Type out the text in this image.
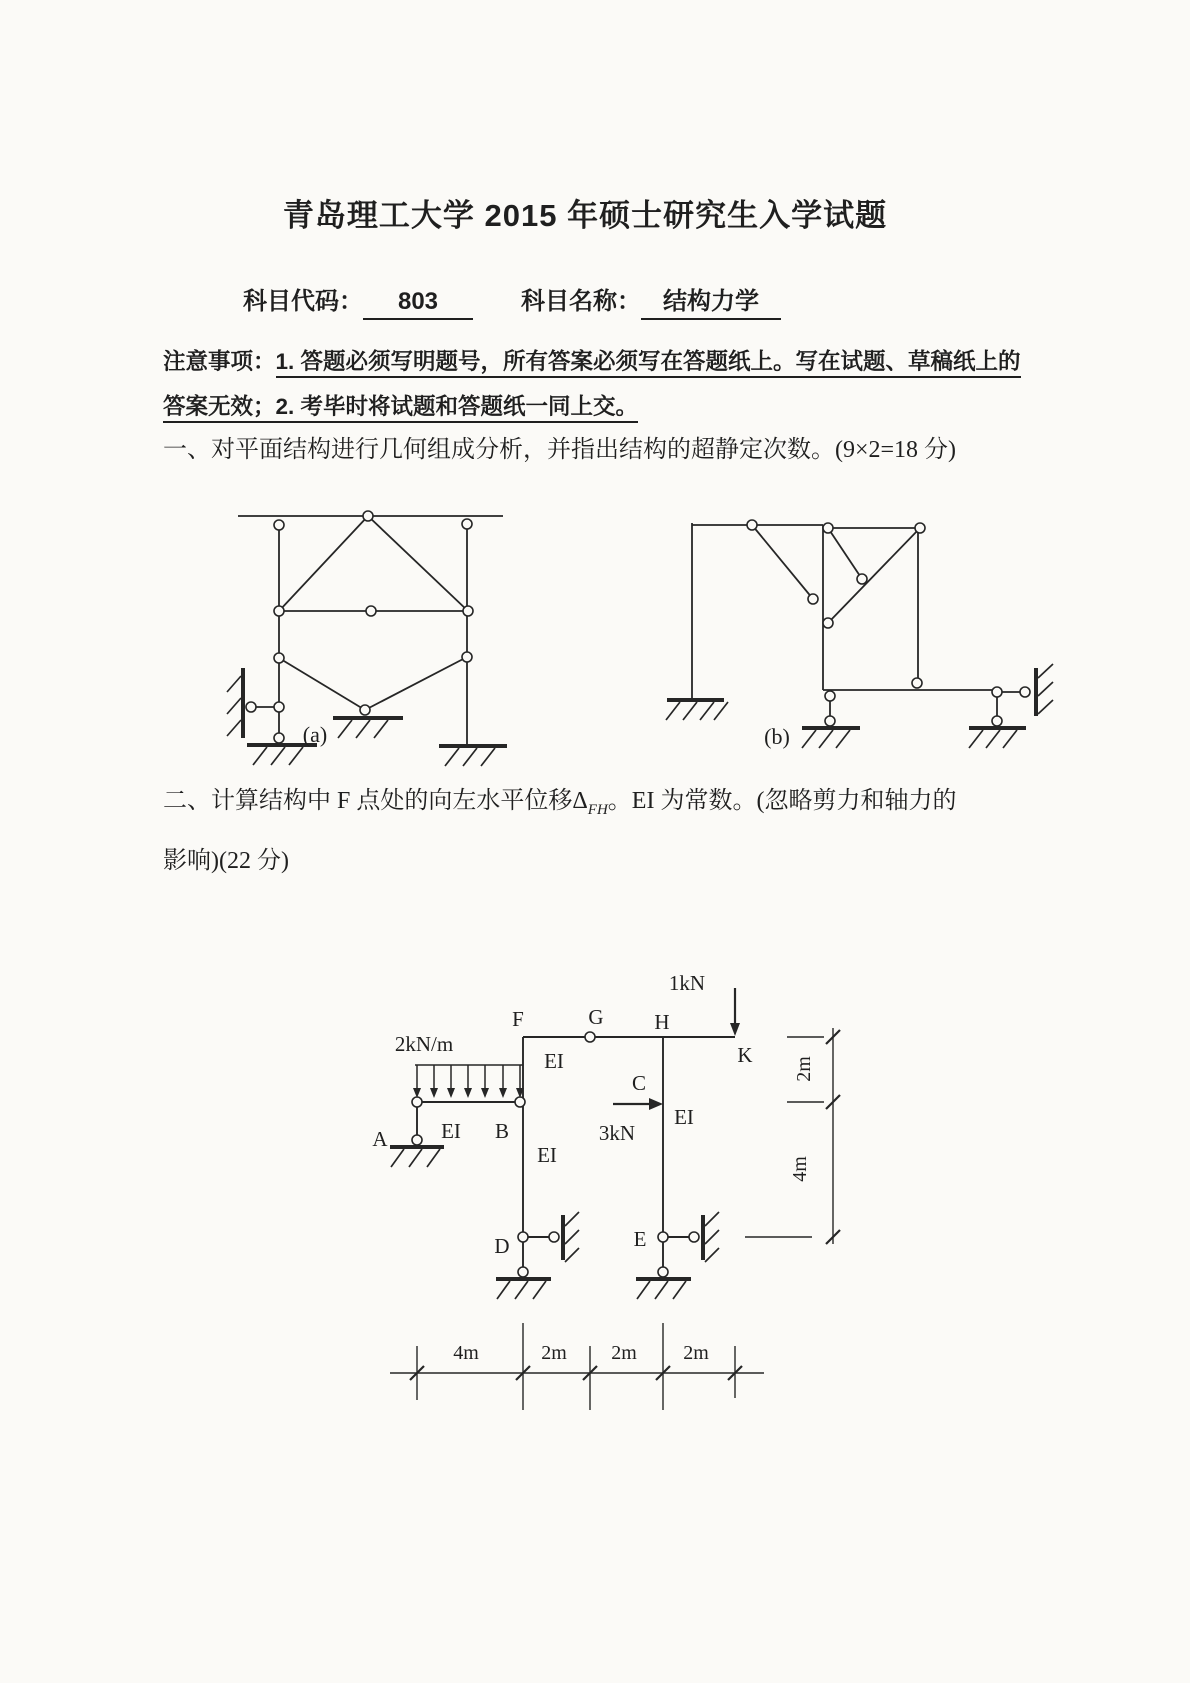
青岛理工大学 2015 年硕士研究生入学试题
科目代码： 803	科目名称： 结构力学
注意事项：1. 答题必须写明题号，所有答案必须写在答题纸上。写在试题、草稿纸上的
答案无效；2. 考毕时将试题和答题纸一同上交。
一、对平面结构进行几何组成分析，并指出结构的超静定次数。(9×2=18 分)
(a)	(b)
二、计算结构中 F 点处的向左水平位移$\Delta_{FH}$。EI 为常数。(忽略剪力和轴力的
影响)(22 分)
2m
4m
4m	2m 2m 2m
1kN
2kN/m
3kN
F	G H
K
A	B
C
D	E
EI
EI
EI
EI
